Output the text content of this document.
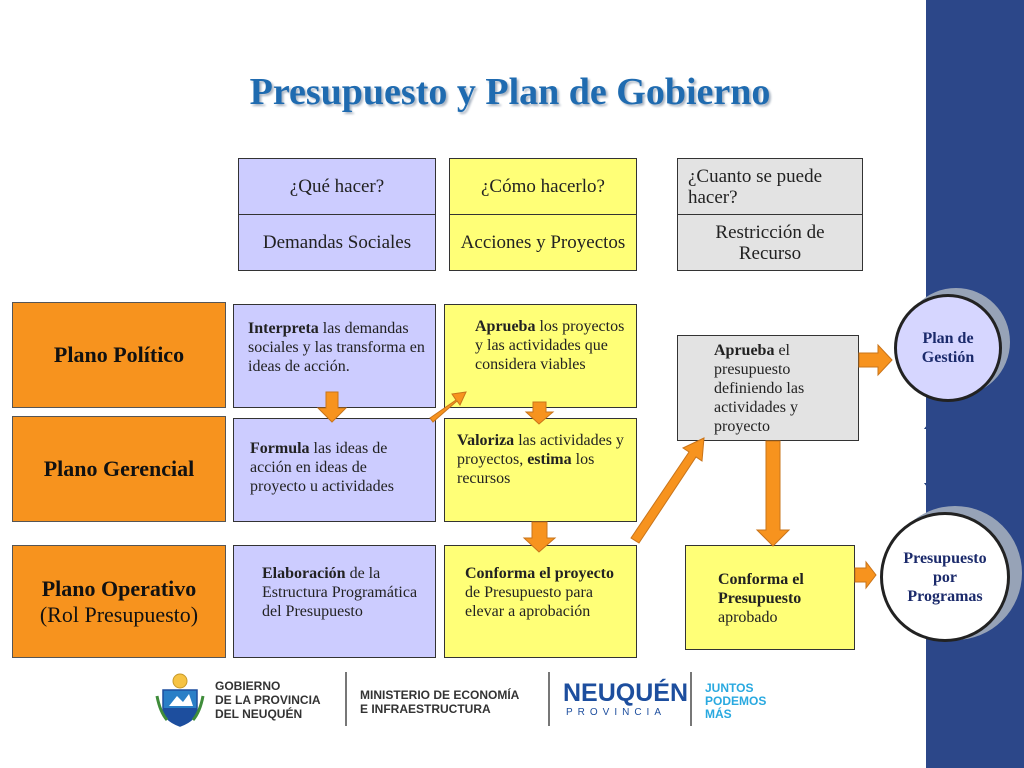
Presupuesto y Plan de Gobierno
¿Qué hacer?
Demandas Sociales
¿Cómo hacerlo?
Acciones y Proyectos
¿Cuanto se puede hacer?
Restricción de Recurso
Plano Político
Plano Gerencial
Plano Operativo
(Rol Presupuesto)
Interpreta las demandas sociales y las transforma en ideas de acción.
Formula las ideas de acción en ideas de proyecto u actividades
Elaboración de la Estructura Programática del Presupuesto
Aprueba los proyectos y las actividades que considera viables
Valoriza las actividades y proyectos, estima los recursos
Conforma el proyecto de Presupuesto para elevar a aprobación
Aprueba el presupuesto definiendo las actividades y proyecto
Conforma el Presupuesto aprobado
Plan de Gestión
Presupuesto por Programas
GOBIERNO
DE LA PROVINCIA
DEL NEUQUÉN
MINISTERIO DE ECONOMÍA
E INFRAESTRUCTURA
NEUQUÉN
PROVINCIA
JUNTOS
PODEMOS
MÁS
